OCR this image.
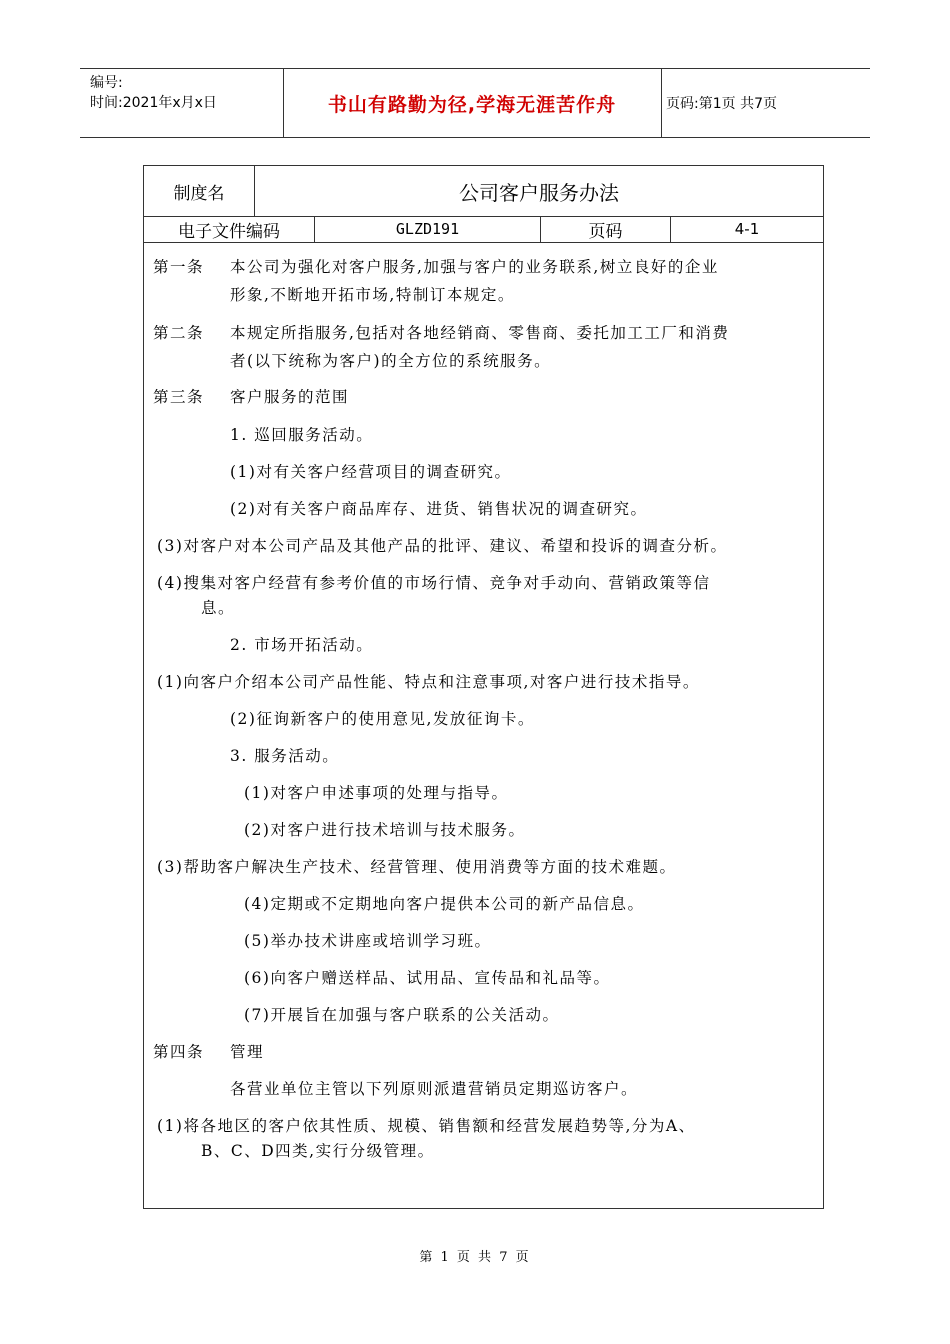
编号:
时间:2021年x月x日	书山有路勤为径,学海无涯苦作舟	页码:第1页 共7页
制度名	公司客户服务办法
电子文件编码	GLZD191	页码	4-1
第一条 本公司为强化对客户服务,加强与客户的业务联系,树立良好的企业
形象,不断地开拓市场,特制订本规定。
第二条 本规定所指服务,包括对各地经销商、零售商、委托加工工厂和消费
者(以下统称为客户)的全方位的系统服务。
第三条 客户服务的范围
1. 巡回服务活动。
(1)对有关客户经营项目的调查研究。
(2)对有关客户商品库存、进货、销售状况的调查研究。
(3)对客户对本公司产品及其他产品的批评、建议、希望和投诉的调查分析。
(4)搜集对客户经营有参考价值的市场行情、竞争对手动向、营销政策等信
息。
2. 市场开拓活动。
(1)向客户介绍本公司产品性能、特点和注意事项,对客户进行技术指导。
(2)征询新客户的使用意见,发放征询卡。
3. 服务活动。
(1)对客户申述事项的处理与指导。
(2)对客户进行技术培训与技术服务。
(3)帮助客户解决生产技术、经营管理、使用消费等方面的技术难题。
(4)定期或不定期地向客户提供本公司的新产品信息。
(5)举办技术讲座或培训学习班。
(6)向客户赠送样品、试用品、宣传品和礼品等。
(7)开展旨在加强与客户联系的公关活动。
第四条 管理
各营业单位主管以下列原则派遣营销员定期巡访客户。
(1)将各地区的客户依其性质、规模、销售额和经营发展趋势等,分为A、
B、C、D四类,实行分级管理。
第 1 页 共 7 页
